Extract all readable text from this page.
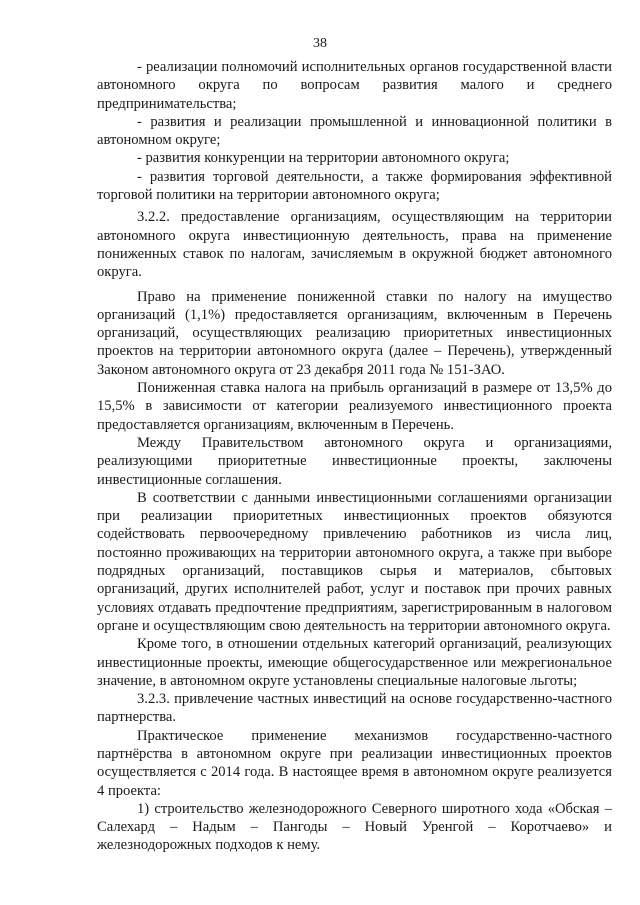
38

- реализации полномочий исполнительных органов государственной власти автономного округа по вопросам развития малого и среднего предпринимательства;

- развития и реализации промышленной и инновационной политики в автономном округе;

- развития конкуренции на территории автономного округа;

- развития торговой деятельности, а также формирования эффективной торговой политики на территории автономного округа;

3.2.2. предоставление организациям, осуществляющим на территории автономного округа инвестиционную деятельность, права на применение пониженных ставок по налогам, зачисляемым в окружной бюджет автономного округа.

Право на применение пониженной ставки по налогу на имущество организаций (1,1%) предоставляется организациям, включенным в Перечень организаций, осуществляющих реализацию приоритетных инвестиционных проектов на территории автономного округа (далее – Перечень), утвержденный Законом автономного округа от 23 декабря 2011 года № 151-ЗАО.

Пониженная ставка налога на прибыль организаций в размере от 13,5% до 15,5% в зависимости от категории реализуемого инвестиционного проекта предоставляется организациям, включенным в Перечень.

Между Правительством автономного округа и организациями, реализующими приоритетные инвестиционные проекты, заключены инвестиционные соглашения.

В соответствии с данными инвестиционными соглашениями организации при реализации приоритетных инвестиционных проектов обязуются содействовать первоочередному привлечению работников из числа лиц, постоянно проживающих на территории автономного округа, а также при выборе подрядных организаций, поставщиков сырья и материалов, сбытовых организаций, других исполнителей работ, услуг и поставок при прочих равных условиях отдавать предпочтение предприятиям, зарегистрированным в налоговом органе и осуществляющим свою деятельность на территории автономного округа.

Кроме того, в отношении отдельных категорий организаций, реализующих инвестиционные проекты, имеющие общегосударственное или межрегиональное значение, в автономном округе установлены специальные налоговые льготы;

3.2.3. привлечение частных инвестиций на основе государственно-частного партнерства.

Практическое применение механизмов государственно-частного партнёрства в автономном округе при реализации инвестиционных проектов осуществляется с 2014 года. В настоящее время в автономном округе реализуется 4 проекта:

1) строительство железнодорожного Северного широтного хода «Обская – Салехард – Надым – Пангоды – Новый Уренгой – Коротчаево» и железнодорожных подходов к нему.
